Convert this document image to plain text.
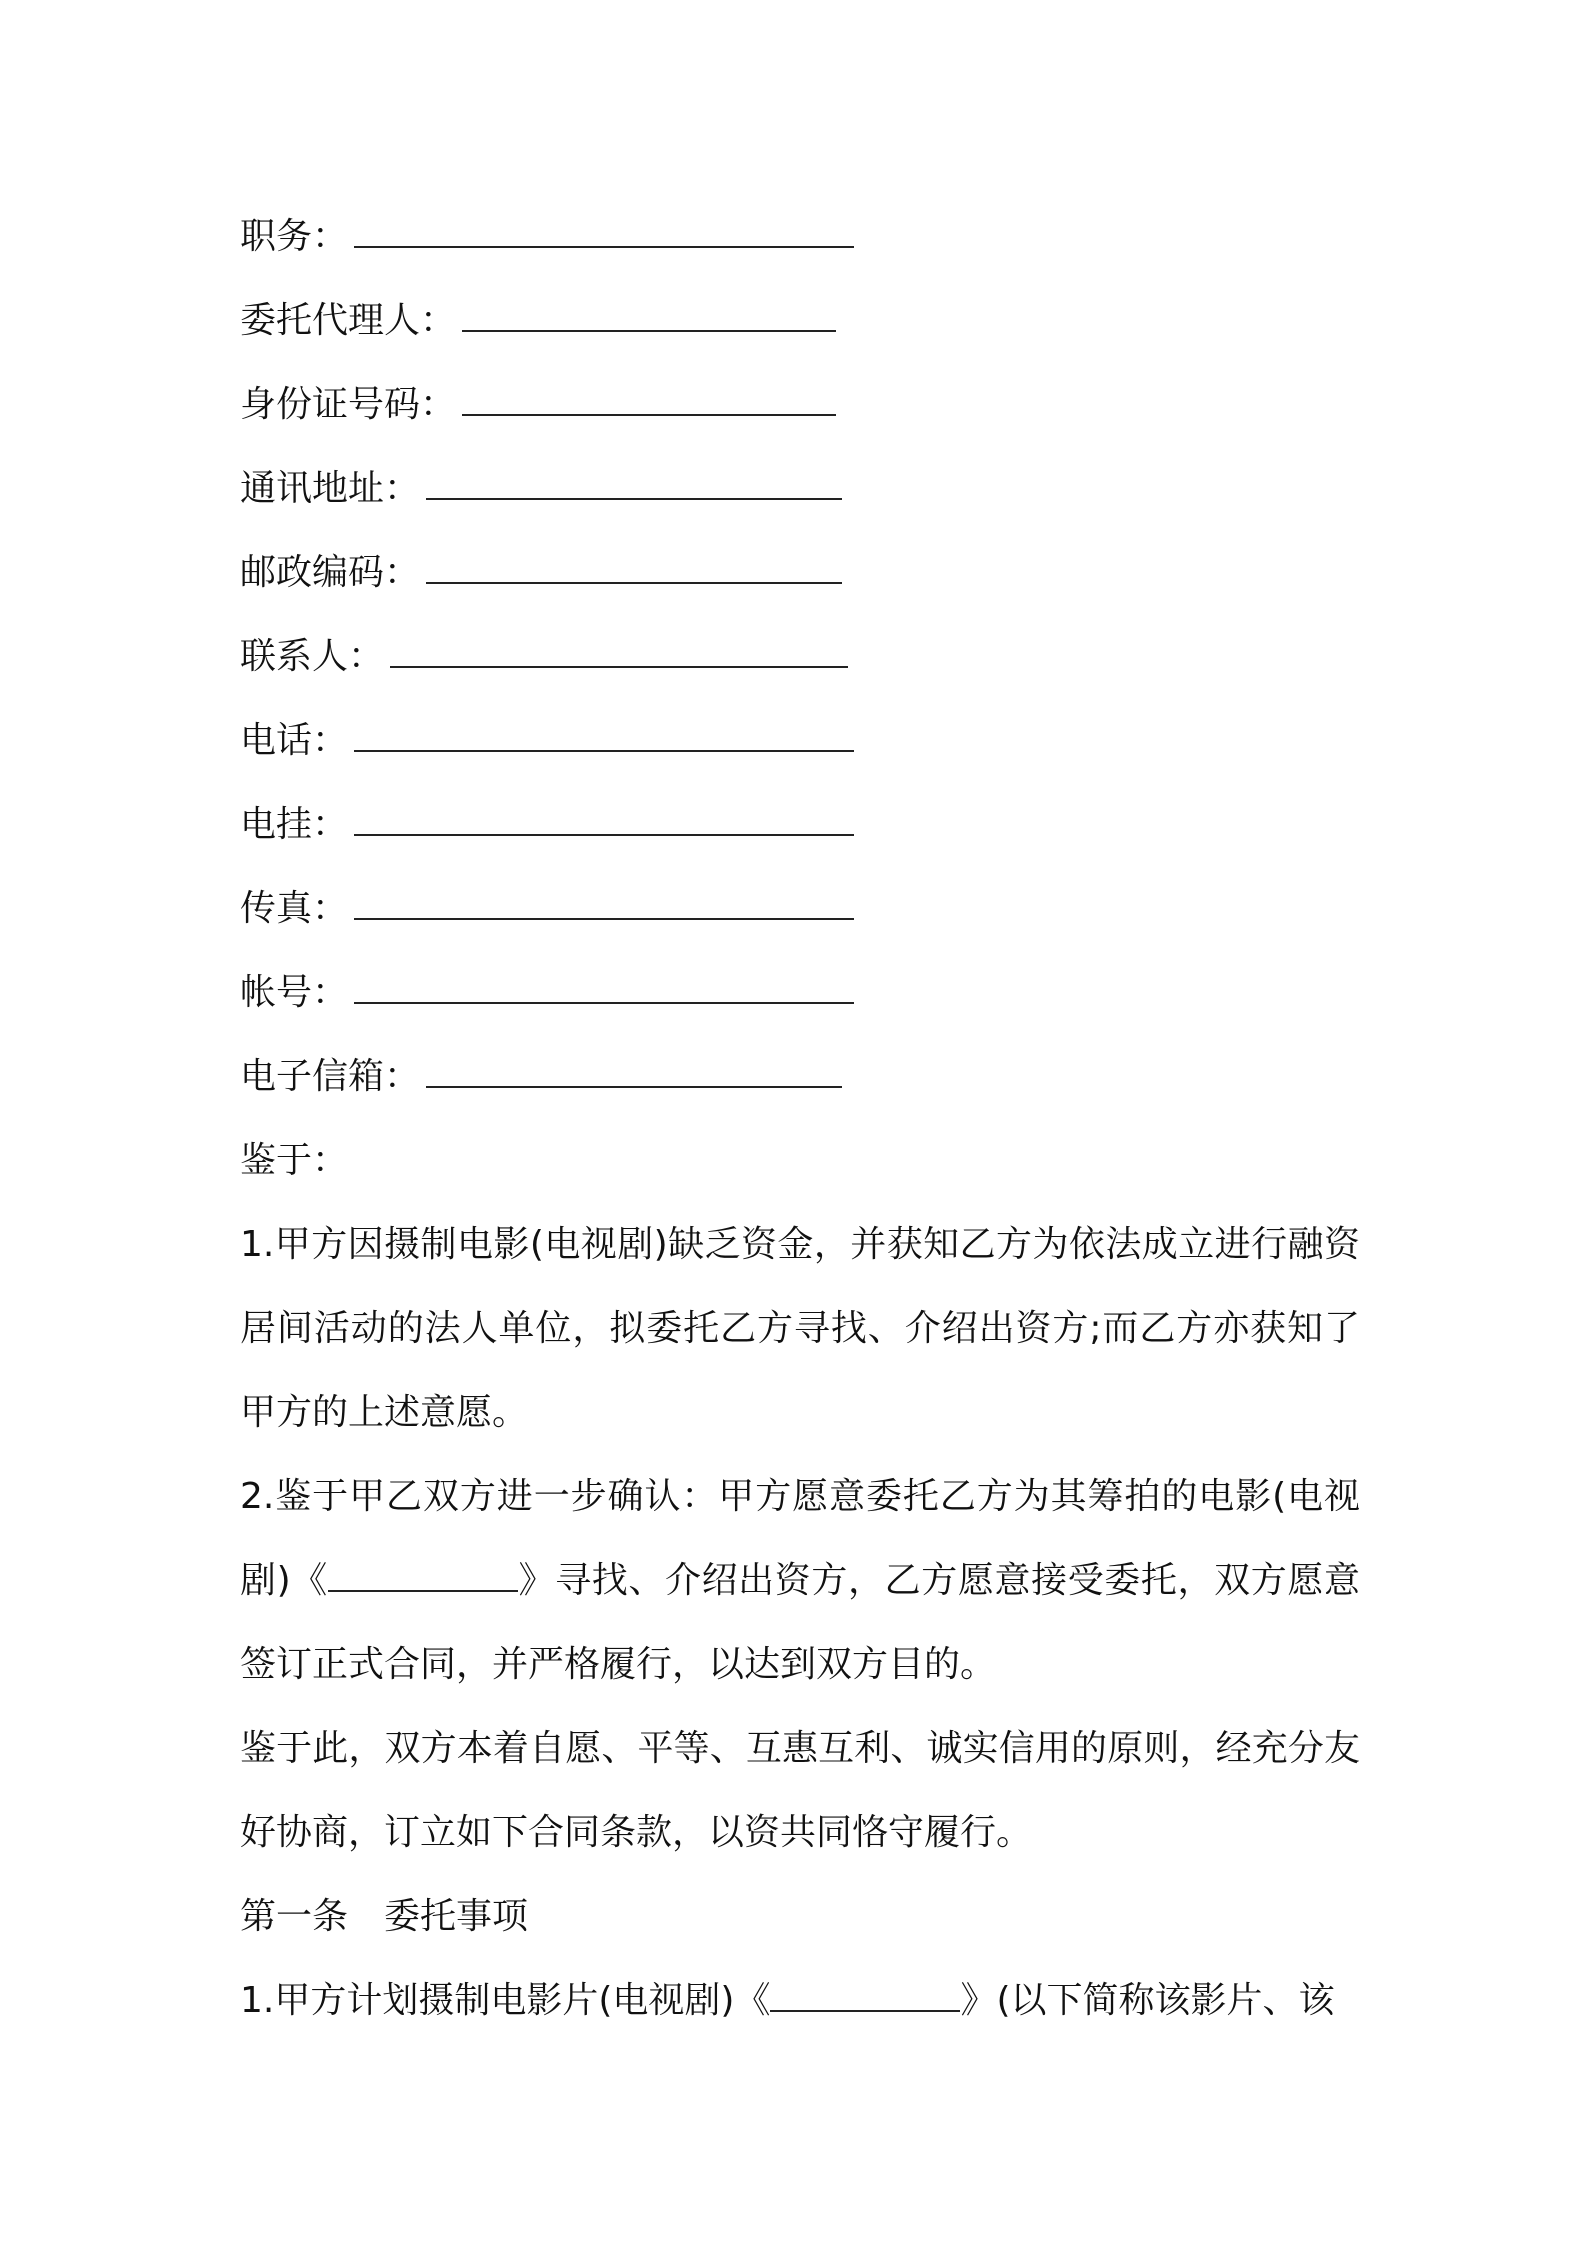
职务：
委托代理人：
身份证号码：
通讯地址：
邮政编码：
联系人：
电话：
电挂：
传真：
帐号：
电子信箱：
鉴于：

1.甲方因摄制电影(电视剧)缺乏资金，并获知乙方为依法成立进行融资居间活动的法人单位，拟委托乙方寻找、介绍出资方;而乙方亦获知了甲方的上述意愿。

2.鉴于甲乙双方进一步确认：甲方愿意委托乙方为其筹拍的电影(电视剧)《	》寻找、介绍出资方，乙方愿意接受委托，双方愿意签订正式合同，并严格履行，以达到双方目的。

鉴于此，双方本着自愿、平等、互惠互利、诚实信用的原则，经充分友好协商，订立如下合同条款，以资共同恪守履行。

第一条　委托事项

1.甲方计划摄制电影片(电视剧)《	》(以下简称该影片、该
